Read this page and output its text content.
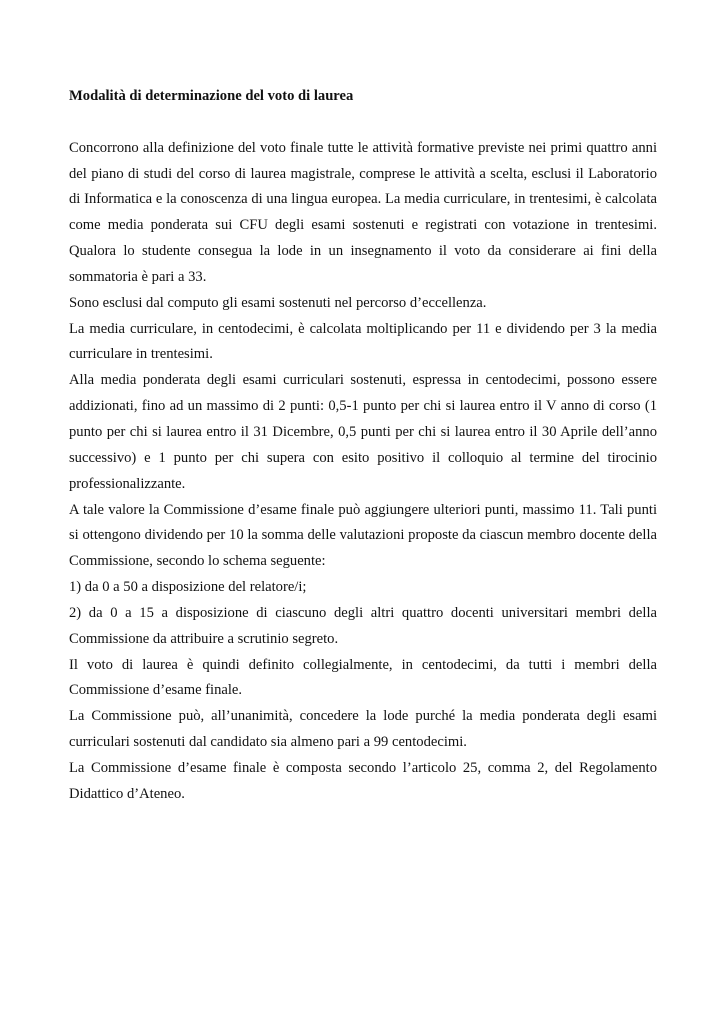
Modalità di determinazione del voto di laurea

Concorrono alla definizione del voto finale tutte le attività formative previste nei primi quattro anni del piano di studi del corso di laurea magistrale, comprese le attività a scelta, esclusi il Laboratorio di Informatica e la conoscenza di una lingua europea. La media curriculare, in trentesimi, è calcolata come media ponderata sui CFU degli esami sostenuti e registrati con votazione in trentesimi. Qualora lo studente consegua la lode in un insegnamento il voto da considerare ai fini della sommatoria è pari a 33.

Sono esclusi dal computo gli esami sostenuti nel percorso d’eccellenza.

La media curriculare, in centodecimi, è calcolata moltiplicando per 11 e dividendo per 3 la media curriculare in trentesimi.

Alla media ponderata degli esami curriculari sostenuti, espressa in centodecimi, possono essere addizionati, fino ad un massimo di 2 punti: 0,5-1 punto per chi si laurea entro il V anno di corso (1 punto per chi si laurea entro il 31 Dicembre, 0,5 punti per chi si laurea entro il 30 Aprile dell’anno successivo) e 1 punto per chi supera con esito positivo il colloquio al termine del tirocinio professionalizzante.

A tale valore la Commissione d’esame finale può aggiungere ulteriori punti, massimo 11. Tali punti si ottengono dividendo per 10 la somma delle valutazioni proposte da ciascun membro docente della Commissione, secondo lo schema seguente:

1) da 0 a 50 a disposizione del relatore/i;

2) da 0 a 15 a disposizione di ciascuno degli altri quattro docenti universitari membri della Commissione da attribuire a scrutinio segreto.

Il voto di laurea è quindi definito collegialmente, in centodecimi, da tutti i membri della Commissione d’esame finale.

La Commissione può, all’unanimità, concedere la lode purché la media ponderata degli esami curriculari sostenuti dal candidato sia almeno pari a 99 centodecimi.

La Commissione d’esame finale è composta secondo l’articolo 25, comma 2, del Regolamento Didattico d’Ateneo.
